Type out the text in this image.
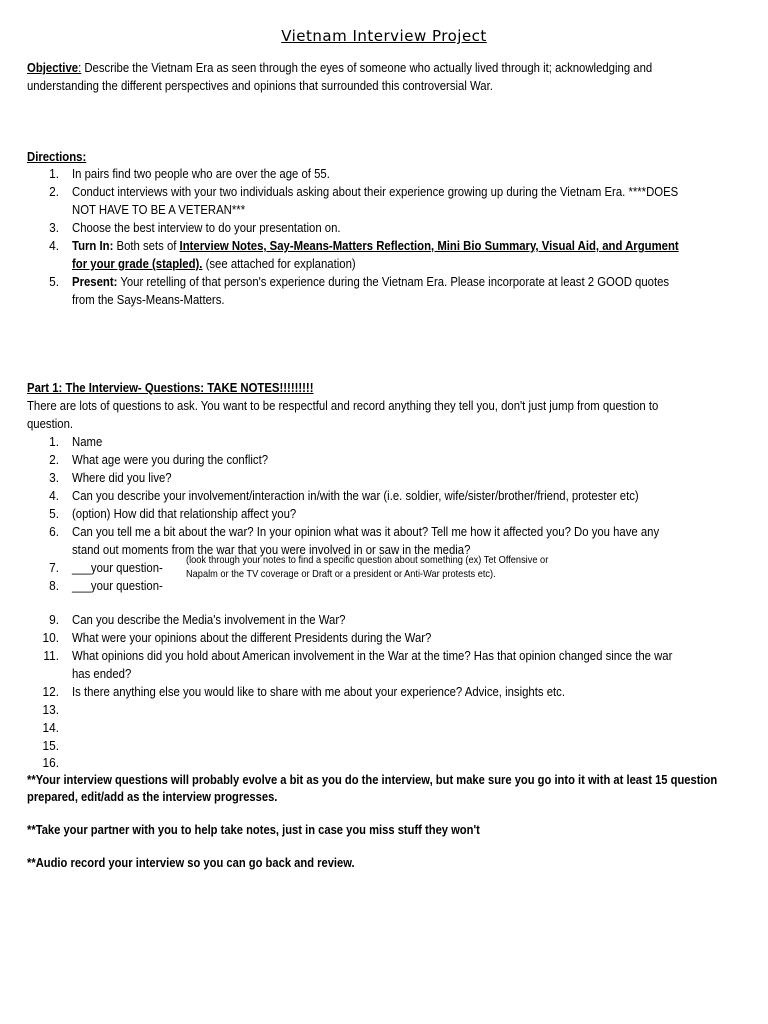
Vietnam Interview Project
Objective: Describe the Vietnam Era as seen through the eyes of someone who actually lived through it; acknowledging and
understanding the different perspectives and opinions that surrounded this controversial War.
Directions:
1. In pairs find two people who are over the age of 55.
2. Conduct interviews with your two individuals asking about their experience growing up during the Vietnam Era. ****DOES
NOT HAVE TO BE A VETERAN***
3. Choose the best interview to do your presentation on.
4. Turn In: Both sets of Interview Notes, Say-Means-Matters Reflection, Mini Bio Summary, Visual Aid, and Argument
for your grade (stapled). (see attached for explanation)
5. Present: Your retelling of that person's experience during the Vietnam Era. Please incorporate at least 2 GOOD quotes
from the Says-Means-Matters.
Part 1: The Interview- Questions: TAKE NOTES!!!!!!!!!
There are lots of questions to ask. You want to be respectful and record anything they tell you, don't just jump from question to
question.
1. Name
2. What age were you during the conflict?
3. Where did you live?
4. Can you describe your involvement/interaction in/with the war (i.e. soldier, wife/sister/brother/friend, protester etc)
5. (option) How did that relationship affect you?
6. Can you tell me a bit about the war? In your opinion what was it about? Tell me how it affected you? Do you have any
stand out moments from the war that you were involved in or saw in the media?
7. ___your question- (look through your notes to find a specific question about something (ex) Tet Offensive or
Napalm or the TV coverage or Draft or a president or Anti-War protests etc).
8. ___your question-
9. Can you describe the Media's involvement in the War?
10. What were your opinions about the different Presidents during the War?
11. What opinions did you hold about American involvement in the War at the time? Has that opinion changed since the war
has ended?
12. Is there anything else you would like to share with me about your experience? Advice, insights etc.
13.
14.
15.
16.
**Your interview questions will probably evolve a bit as you do the interview, but make sure you go into it with at least 15 question
prepared, edit/add as the interview progresses.
**Take your partner with you to help take notes, just in case you miss stuff they won't
**Audio record your interview so you can go back and review.
